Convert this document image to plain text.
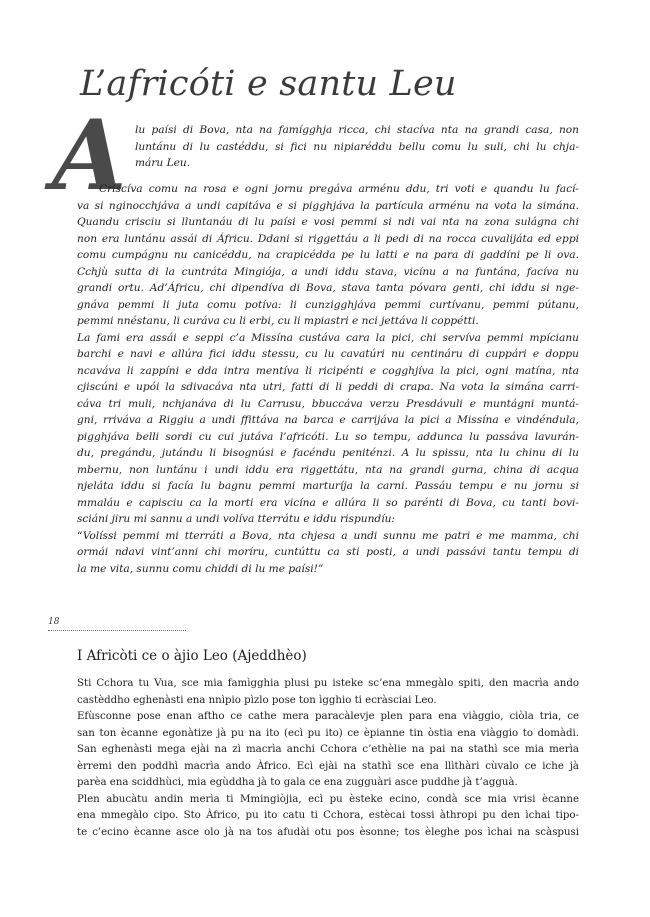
L’africóti e santu Leu
A lu paísi di Bova, nta na famígghja ricca, chi stacíva nta na grandi casa, non
luntánu di lu castéddu, si fici nu nipiaréddu bellu comu lu suli, chi lu chja-
máru Leu.
Criscíva comu na rosa e ogni jornu pregáva arménu ddu, tri voti e quandu lu fací-
va si nginocchjáva a undi capitáva e si pigghjáva la partícula arménu na vota la simána.
Quandu crisciu si lluntanáu di lu paísi e vosi pemmi si ndi vai nta na zona sulágna chi
non era luntánu assái di Áfricu. Ddani si riggettáu a li pedi di na rocca cuvalijáta ed eppi
comu cumpágnu nu canicéddu, na crapicédda pe lu latti e na para di gaddíni pe li ova.
Cchjù sutta di la cuntráta Mingiója, a undi iddu stava, vicínu a na funtána, facíva nu
grandi ortu. Ad’Áfricu, chi dipendíva di Bova, stava tanta póvara genti, chi iddu si nge-
gnáva pemmi li juta comu potíva: li cunzigghjáva pemmi curtívanu, pemmi pútanu,
pemmi nnéstanu, li curáva cu li erbi, cu li mpiastri e nci jettáva li coppétti.
La fami era assái e seppi c’a Missína custáva cara la pici, chi servíva pemmi mpícianu
barchi e navi e allúra fici iddu stessu, cu lu cavatúri nu centináru di cuppári e doppu
ncaváva li zappíni e dda intra mentíva li ricipénti e cogghjíva la pici, ogni matína, nta
cjiscúni e upói la sdivacáva nta utri, fatti di li peddi di crapa. Na vota la simána carri-
cáva tri muli, nchjanáva di lu Carrusu, bbuccáva verzu Presdávuli e muntágni muntá-
gni, rriváva a Riggiu a undi ffittáva na barca e carrijáva la pici a Missína e vindéndula,
pigghjáva belli sordi cu cui jutáva l’africóti. Lu so tempu, addunca lu passáva lavurán-
du, pregándu, jutándu li bisognúsi e facéndu peniténzi. A lu spissu, nta lu chinu di lu
mbernu, non luntánu i undi iddu era riggettátu, nta na grandi gurna, china di acqua
njeláta iddu si facía lu bagnu pemmi marturíja la carni. Passáu tempu e nu jornu si
mmaláu e capisciu ca la morti era vicína e allúra li so parénti di Bova, cu tanti bovi-
sciáni jiru mi sannu a undi volíva tterrátu e iddu rispundíu:
“Volíssi pemmi mi tterráti a Bova, nta chjesa a undi sunnu me patri e me mamma, chi
ormái ndavi vint’anni chi moríru, cuntúttu ca sti posti, a undi passávi tantu tempu di
la me vita, sunnu comu chiddi di lu me paísi!”
18
I Africòti ce o àjio Leo (Ajeddhèo)
Sti Cchora tu Vua, sce mia famìgghia plusi pu isteke sc’ena mmegàlo spiti, den macrìa ando
castèddho eghenàsti ena nnìpio pìzlo pose ton ìgghio ti ecràsciai Leo.
Efùsconne pose enan aftho ce cathe mera paracàlevje plen para ena viàggio, ciòla tria, ce
san ton ècanne egonàtize jà pu na ito (ecì pu ito) ce èpianne tin òstia ena viàggio to domàdi.
San eghenàsti mega ejài na zì macrìa anchi Cchora c’ethèlie na pai na stathì sce mia merìa
èrremi den poddhì macrìa ando Àfrico. Ecì ejài na stathì sce ena llìthàri cùvalo ce iche jà
parèa ena sciddhùci, mia egùddha jà to gala ce ena zugguàri asce puddhe jà t’agguà.
Plen abucàtu andin merìa ti Mmingiòjia, ecì pu èsteke ecino, condà sce mia vrisi ècanne
ena mmegàlo cipo. Sto Àfrico, pu ito catu ti Cchora, estècai tossi àthropi pu den ìchai tipo-
te c’ecino ècanne asce olo jà na tos afudài otu pos èsonne; tos èleghe pos ìchai na scàspusi
